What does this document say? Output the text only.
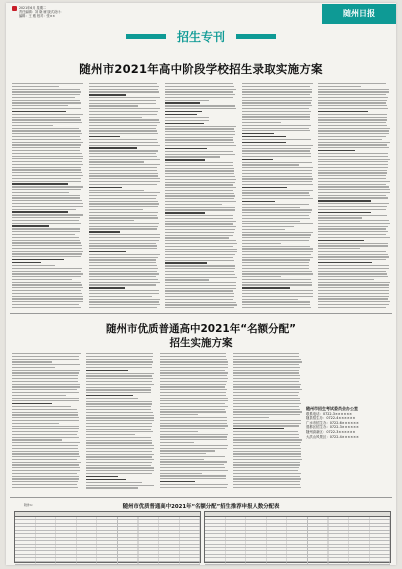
2021年6月 星期二
责任编辑：刘 晓 雁 版式设计：
编辑：王 雅 校对：张××	随州日报
招生专刊
随州市2021年高中阶段学校招生录取实施方案
随州市优质普通高中2021年“名额分配”
招生实施方案
随州市招生考试委员会办公室
联系电话：0722-3××××××
随县招生办：0722-4××××××
广水市招生办：0722-6××××××
曾都区招生办：0722-3××××××
随州高新区：0722-3××××××
大洪山风景区：0722-4××××××
附件1：	随州市优质普通高中2021年“名额分配”招生推荐申报人数分配表
